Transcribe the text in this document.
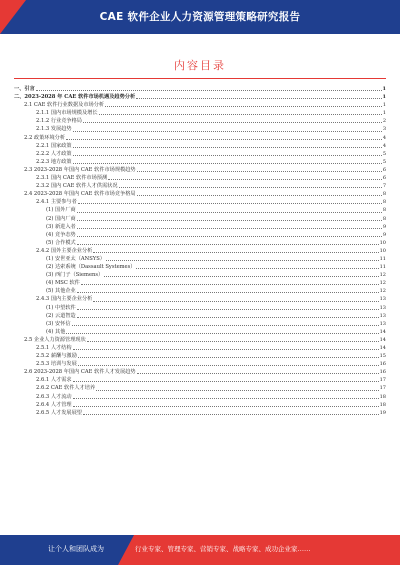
CAE 软件企业人力资源管理策略研究报告
内容目录
一、引言	1
二、2023-2028 年 CAE 软件市场机遇及趋势分析	1
2.1 CAE 软件行业数据及市场分析	1
2.1.1 国内市场规模及增长	1
2.1.2 行业竞争格局	2
2.1.3 发展趋势	3
2.2 政策环境分析	4
2.2.1 国家政策	4
2.2.2 人才政策	5
2.2.3 地方政策	5
2.3 2023-2028 年国内 CAE 软件市场规模趋势	6
2.3.1 国内 CAE 软件市场预测	6
2.3.2 国内 CAE 软件人才供需状况	7
2.4 2023-2028 年国内 CAE 软件市场竞争格局	8
2.4.1 主要参与者	8
(1) 国外厂商	8
(2) 国内厂商	8
(3) 新进入者	9
(4) 竞争态势	9
(5) 合作模式	10
2.4.2 国外主要企业分析	10
(1) 安世亚太（ANSYS）	11
(2) 达索系统（Dassault Systemes）	11
(3) 西门子（Siemens）	12
(4) MSC 软件	12
(5) 其他企业	12
2.4.3 国内主要企业分析	13
(1) 中望软件	13
(2) 云道智造	13
(3) 安怀信	13
(4) 其他	14
2.5 企业人力资源管理现状	14
2.5.1 人才结构	14
2.5.2 薪酬与激励	15
2.5.3 培训与发展	16
2.6 2023-2028 年国内 CAE 软件人才发展趋势	16
2.6.1 人才需求	17
2.6.2 CAE 软件人才培养	17
2.6.3 人才流动	18
2.6.4 人才管理	18
2.6.5 人才发展展望	19
让个人和团队成为	行业专家、管理专家、营销专家、战略专家、成功企业家……
